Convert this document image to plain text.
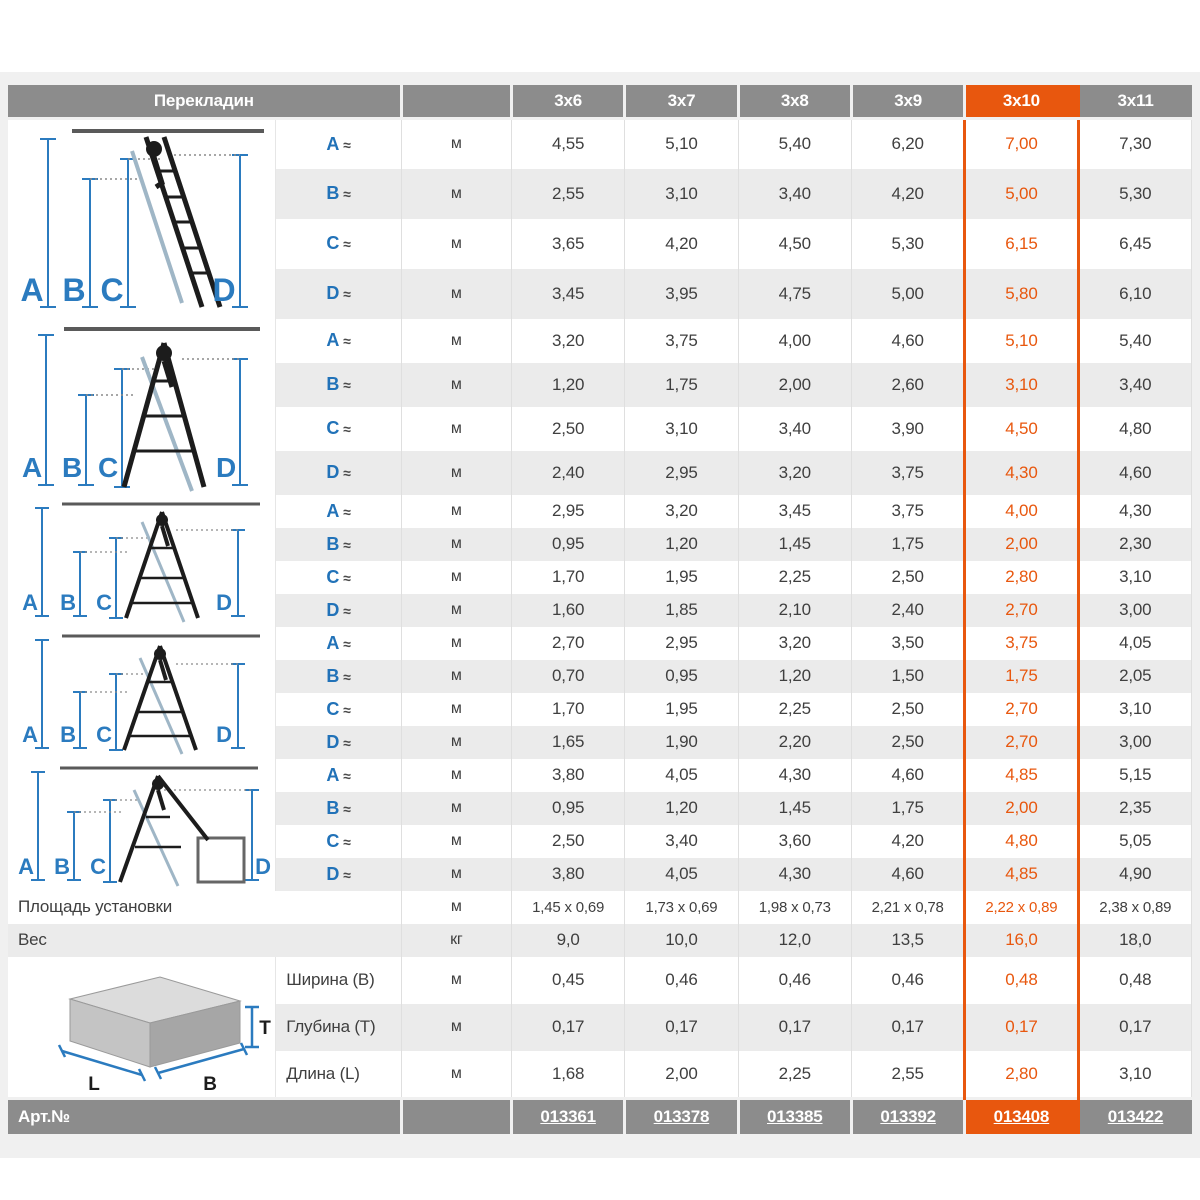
Перекладин			3x6	3x7	3x8	3x9	3x10	3x11

A B C D	A ≈	м	4,55	5,10	5,40	6,20	7,00	7,30
	B ≈	м	2,55	3,10	3,40	4,20	5,00	5,30
	C ≈	м	3,65	4,20	4,50	5,30	6,15	6,45
	D ≈	м	3,45	3,95	4,75	5,00	5,80	6,10

A B C D	A ≈	м	3,20	3,75	4,00	4,60	5,10	5,40
	B ≈	м	1,20	1,75	2,00	2,60	3,10	3,40
	C ≈	м	2,50	3,10	3,40	3,90	4,50	4,80
	D ≈	м	2,40	2,95	3,20	3,75	4,30	4,60

A B C D	A ≈	м	2,95	3,20	3,45	3,75	4,00	4,30
	B ≈	м	0,95	1,20	1,45	1,75	2,00	2,30
	C ≈	м	1,70	1,95	2,25	2,50	2,80	3,10
	D ≈	м	1,60	1,85	2,10	2,40	2,70	3,00

A B C D	A ≈	м	2,70	2,95	3,20	3,50	3,75	4,05
	B ≈	м	0,70	0,95	1,20	1,50	1,75	2,05
	C ≈	м	1,70	1,95	2,25	2,50	2,70	3,10
	D ≈	м	1,65	1,90	2,20	2,50	2,70	3,00

A B C D	A ≈	м	3,80	4,05	4,30	4,60	4,85	5,15
	B ≈	м	0,95	1,20	1,45	1,75	2,00	2,35
	C ≈	м	2,50	3,40	3,60	4,20	4,80	5,05
	D ≈	м	3,80	4,05	4,30	4,60	4,85	4,90
Площадь установки		м	1,45 x 0,69	1,73 x 0,69	1,98 x 0,73	2,21 x 0,78	2,22 x 0,89	2,38 x 0,89
Вес		кг	9,0	10,0	12,0	13,5	16,0	18,0

T
L B	Ширина (B)	м	0,45	0,46	0,46	0,46	0,48	0,48
	Глубина (T)	м	0,17	0,17	0,17	0,17	0,17	0,17
	Длина (L)	м	1,68	2,00	2,25	2,55	2,80	3,10
Арт.№			013361	013378	013385	013392	013408	013422
